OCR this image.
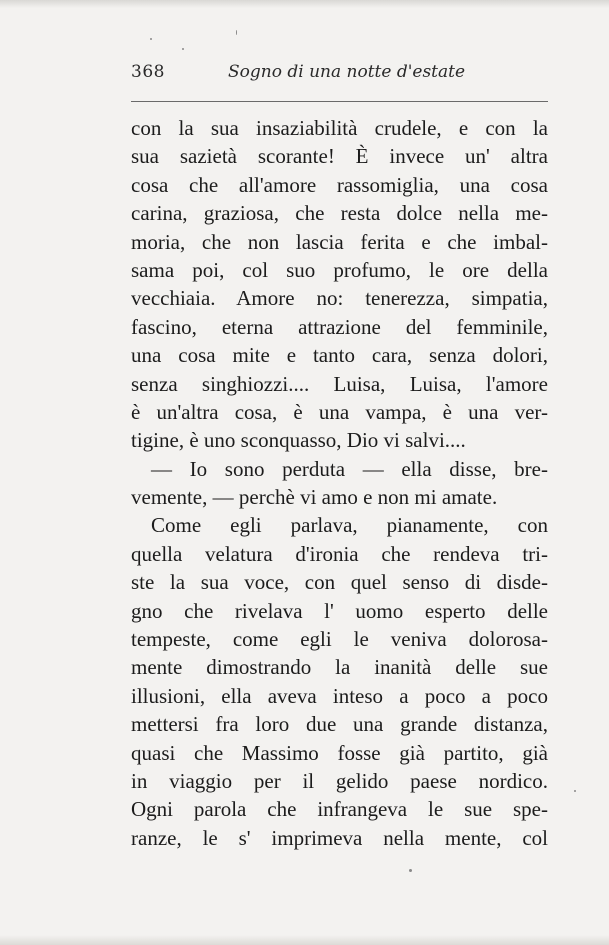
368	Sogno di una notte d'estate
con la sua insaziabilità crudele, e con la
sua sazietà scorante! È invece un' altra
cosa che all'amore rassomiglia, una cosa
carina, graziosa, che resta dolce nella me-
moria, che non lascia ferita e che imbal-
sama poi, col suo profumo, le ore della
vecchiaia. Amore no: tenerezza, simpatia,
fascino, eterna attrazione del femminile,
una cosa mite e tanto cara, senza dolori,
senza singhiozzi.... Luisa, Luisa, l'amore
è un'altra cosa, è una vampa, è una ver-
tigine, è uno sconquasso, Dio vi salvi....
— Io sono perduta — ella disse, bre-
vemente, — perchè vi amo e non mi amate.
Come egli parlava, pianamente, con
quella velatura d'ironia che rendeva tri-
ste la sua voce, con quel senso di disde-
gno che rivelava l' uomo esperto delle
tempeste, come egli le veniva dolorosa-
mente dimostrando la inanità delle sue
illusioni, ella aveva inteso a poco a poco
mettersi fra loro due una grande distanza,
quasi che Massimo fosse già partito, già
in viaggio per il gelido paese nordico.
Ogni parola che infrangeva le sue spe-
ranze, le s' imprimeva nella mente, col
